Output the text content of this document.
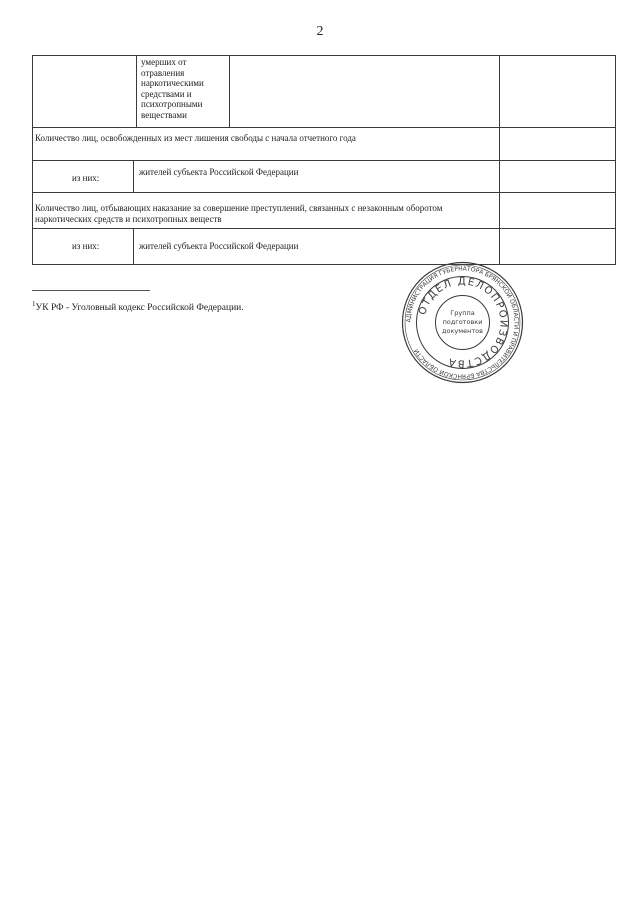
2
умерших от
отравления
наркотическими
средствами и
психотропными
веществами
Количество лиц, освобожденных из мест лишения свободы с начала отчетного года
из них:
жителей субъекта Российской Федерации
Количество лиц, отбывающих наказание за совершение преступлений, связанных с незаконным оборотом
наркотических средств и психотропных веществ
из них:	жителей субъекта Российской Федерации
$^1$УК РФ - Уголовный кодекс Российской Федерации.
АДМИНИСТРАЦИЯ ГУБЕРНАТОРА БРЯНСКОЙ ОБЛАСТИ И ПРАВИТЕЛЬСТВА БРЯНСКОЙ ОБЛАСТИ
ОТДЕЛ ДЕЛОПРОИЗВОДСТВА
Группа
подготовки
документов
